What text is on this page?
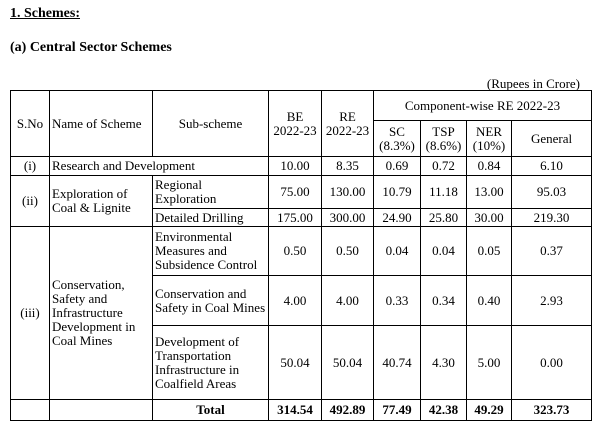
1. Schemes:
(a) Central Sector Schemes
(Rupees in Crore)
S.No	Name of Scheme	Sub-scheme	BE 2022-23	RE 2022-23	Component-wise RE 2022-23			
					SC (8.3%)	TSP (8.6%)	NER (10%)	General
(i)	Research and Development		10.00	8.35	0.69	0.72	0.84	6.10
(ii)	Exploration of Coal & Lignite	Regional Exploration	75.00	130.00	10.79	11.18	13.00	95.03
		Detailed Drilling	175.00	300.00	24.90	25.80	30.00	219.30
(iii)	Conservation, Safety and Infrastructure Development in Coal Mines	Environmental Measures and Subsidence Control	0.50	0.50	0.04	0.04	0.05	0.37
		Conservation and Safety in Coal Mines	4.00	4.00	0.33	0.34	0.40	2.93
		Development of Transportation Infrastructure in Coalfield Areas	50.04	50.04	40.74	4.30	5.00	0.00
		Total	314.54	492.89	77.49	42.38	49.29	323.73
